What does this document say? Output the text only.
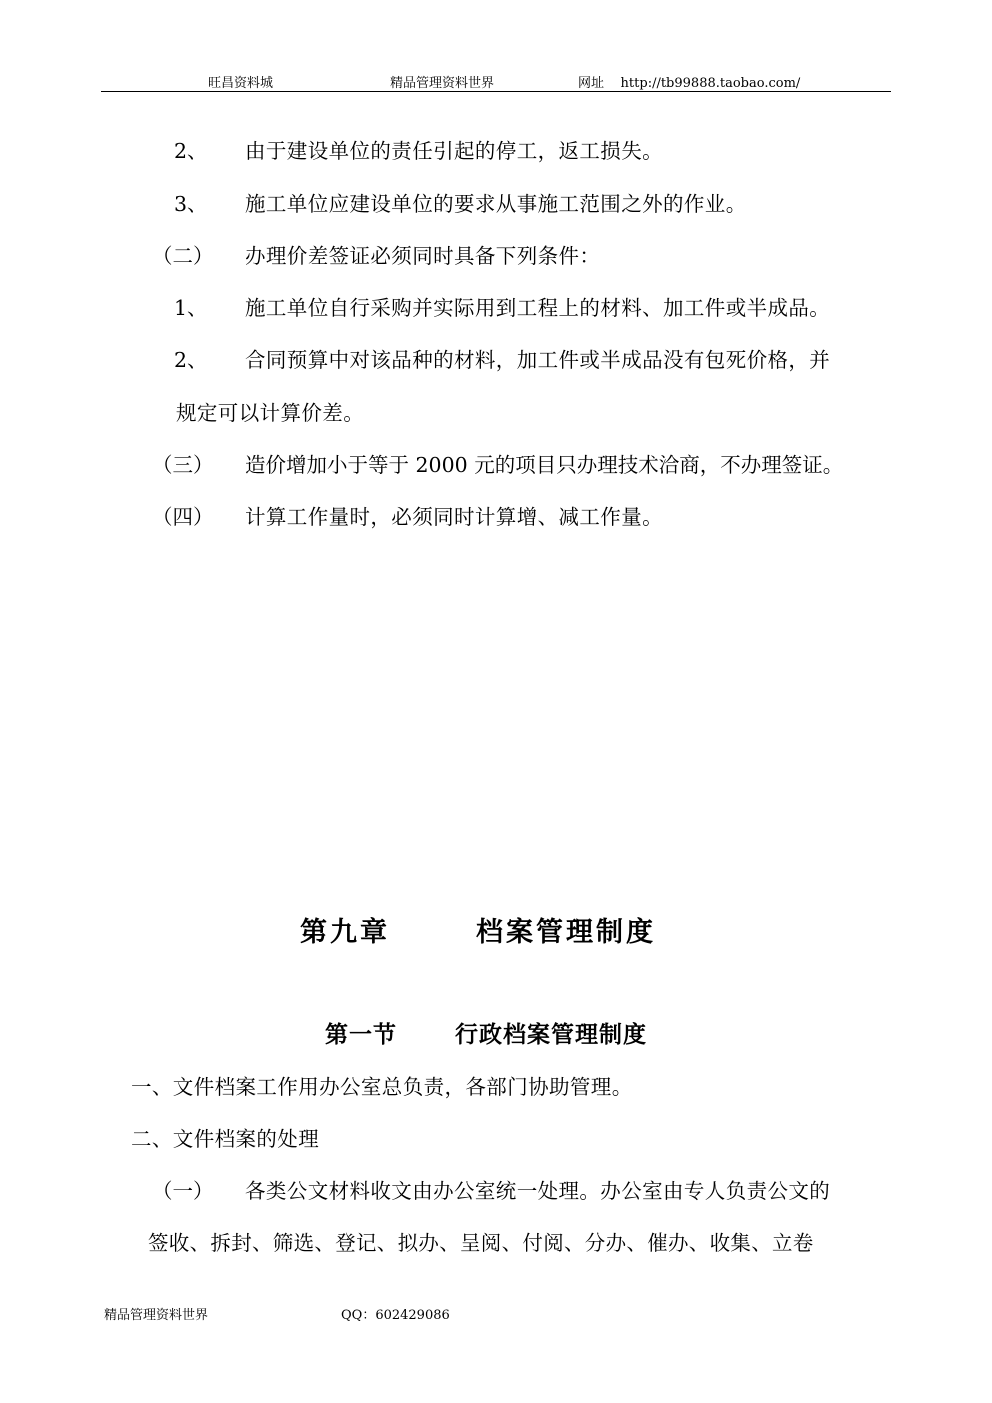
旺昌资料城	精品管理资料世界	网址 http://tb99888.taobao.com/
2、 由于建设单位的责任引起的停工，返工损失。
3、 施工单位应建设单位的要求从事施工范围之外的作业。
（二） 办理价差签证必须同时具备下列条件：
1、 施工单位自行采购并实际用到工程上的材料、加工件或半成品。
2、 合同预算中对该品种的材料，加工件或半成品没有包死价格，并
规定可以计算价差。
（三） 造价增加小于等于 2000 元的项目只办理技术洽商，不办理签证。
（四） 计算工作量时，必须同时计算增、减工作量。
第九章	档案管理制度
第一节	行政档案管理制度
一、文件档案工作用办公室总负责，各部门协助管理。
二、文件档案的处理
（一） 各类公文材料收文由办公室统一处理。办公室由专人负责公文的
签收、拆封、筛选、登记、拟办、呈阅、付阅、分办、催办、收集、立卷
精品管理资料世界	QQ：602429086
